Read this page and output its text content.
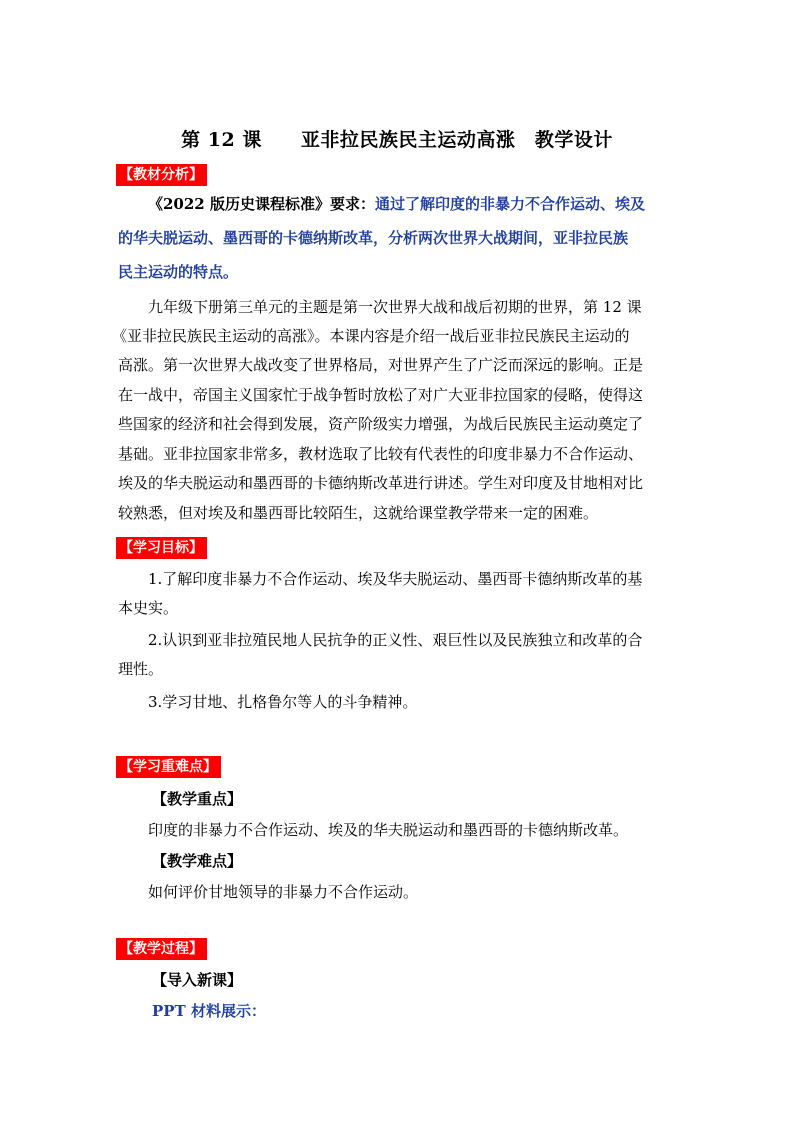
第 12 课　　亚非拉民族民主运动高涨　教学设计
【教材分析】
《2022 版历史课程标准》要求：通过了解印度的非暴力不合作运动、埃及
的华夫脱运动、墨西哥的卡德纳斯改革，分析两次世界大战期间，亚非拉民族
民主运动的特点。
九年级下册第三单元的主题是第一次世界大战和战后初期的世界，第 12 课
《亚非拉民族民主运动的高涨》。本课内容是介绍一战后亚非拉民族民主运动的
高涨。第一次世界大战改变了世界格局，对世界产生了广泛而深远的影响。正是
在一战中，帝国主义国家忙于战争暂时放松了对广大亚非拉国家的侵略，使得这
些国家的经济和社会得到发展，资产阶级实力增强，为战后民族民主运动奠定了
基础。亚非拉国家非常多，教材选取了比较有代表性的印度非暴力不合作运动、
埃及的华夫脱运动和墨西哥的卡德纳斯改革进行讲述。学生对印度及甘地相对比
较熟悉，但对埃及和墨西哥比较陌生，这就给课堂教学带来一定的困难。
【学习目标】
1.了解印度非暴力不合作运动、埃及华夫脱运动、墨西哥卡德纳斯改革的基
本史实。
2.认识到亚非拉殖民地人民抗争的正义性、艰巨性以及民族独立和改革的合
理性。
3.学习甘地、扎格鲁尔等人的斗争精神。
【学习重难点】
【教学重点】
印度的非暴力不合作运动、埃及的华夫脱运动和墨西哥的卡德纳斯改革。
【教学难点】
如何评价甘地领导的非暴力不合作运动。
【教学过程】
【导入新课】
PPT 材料展示：
